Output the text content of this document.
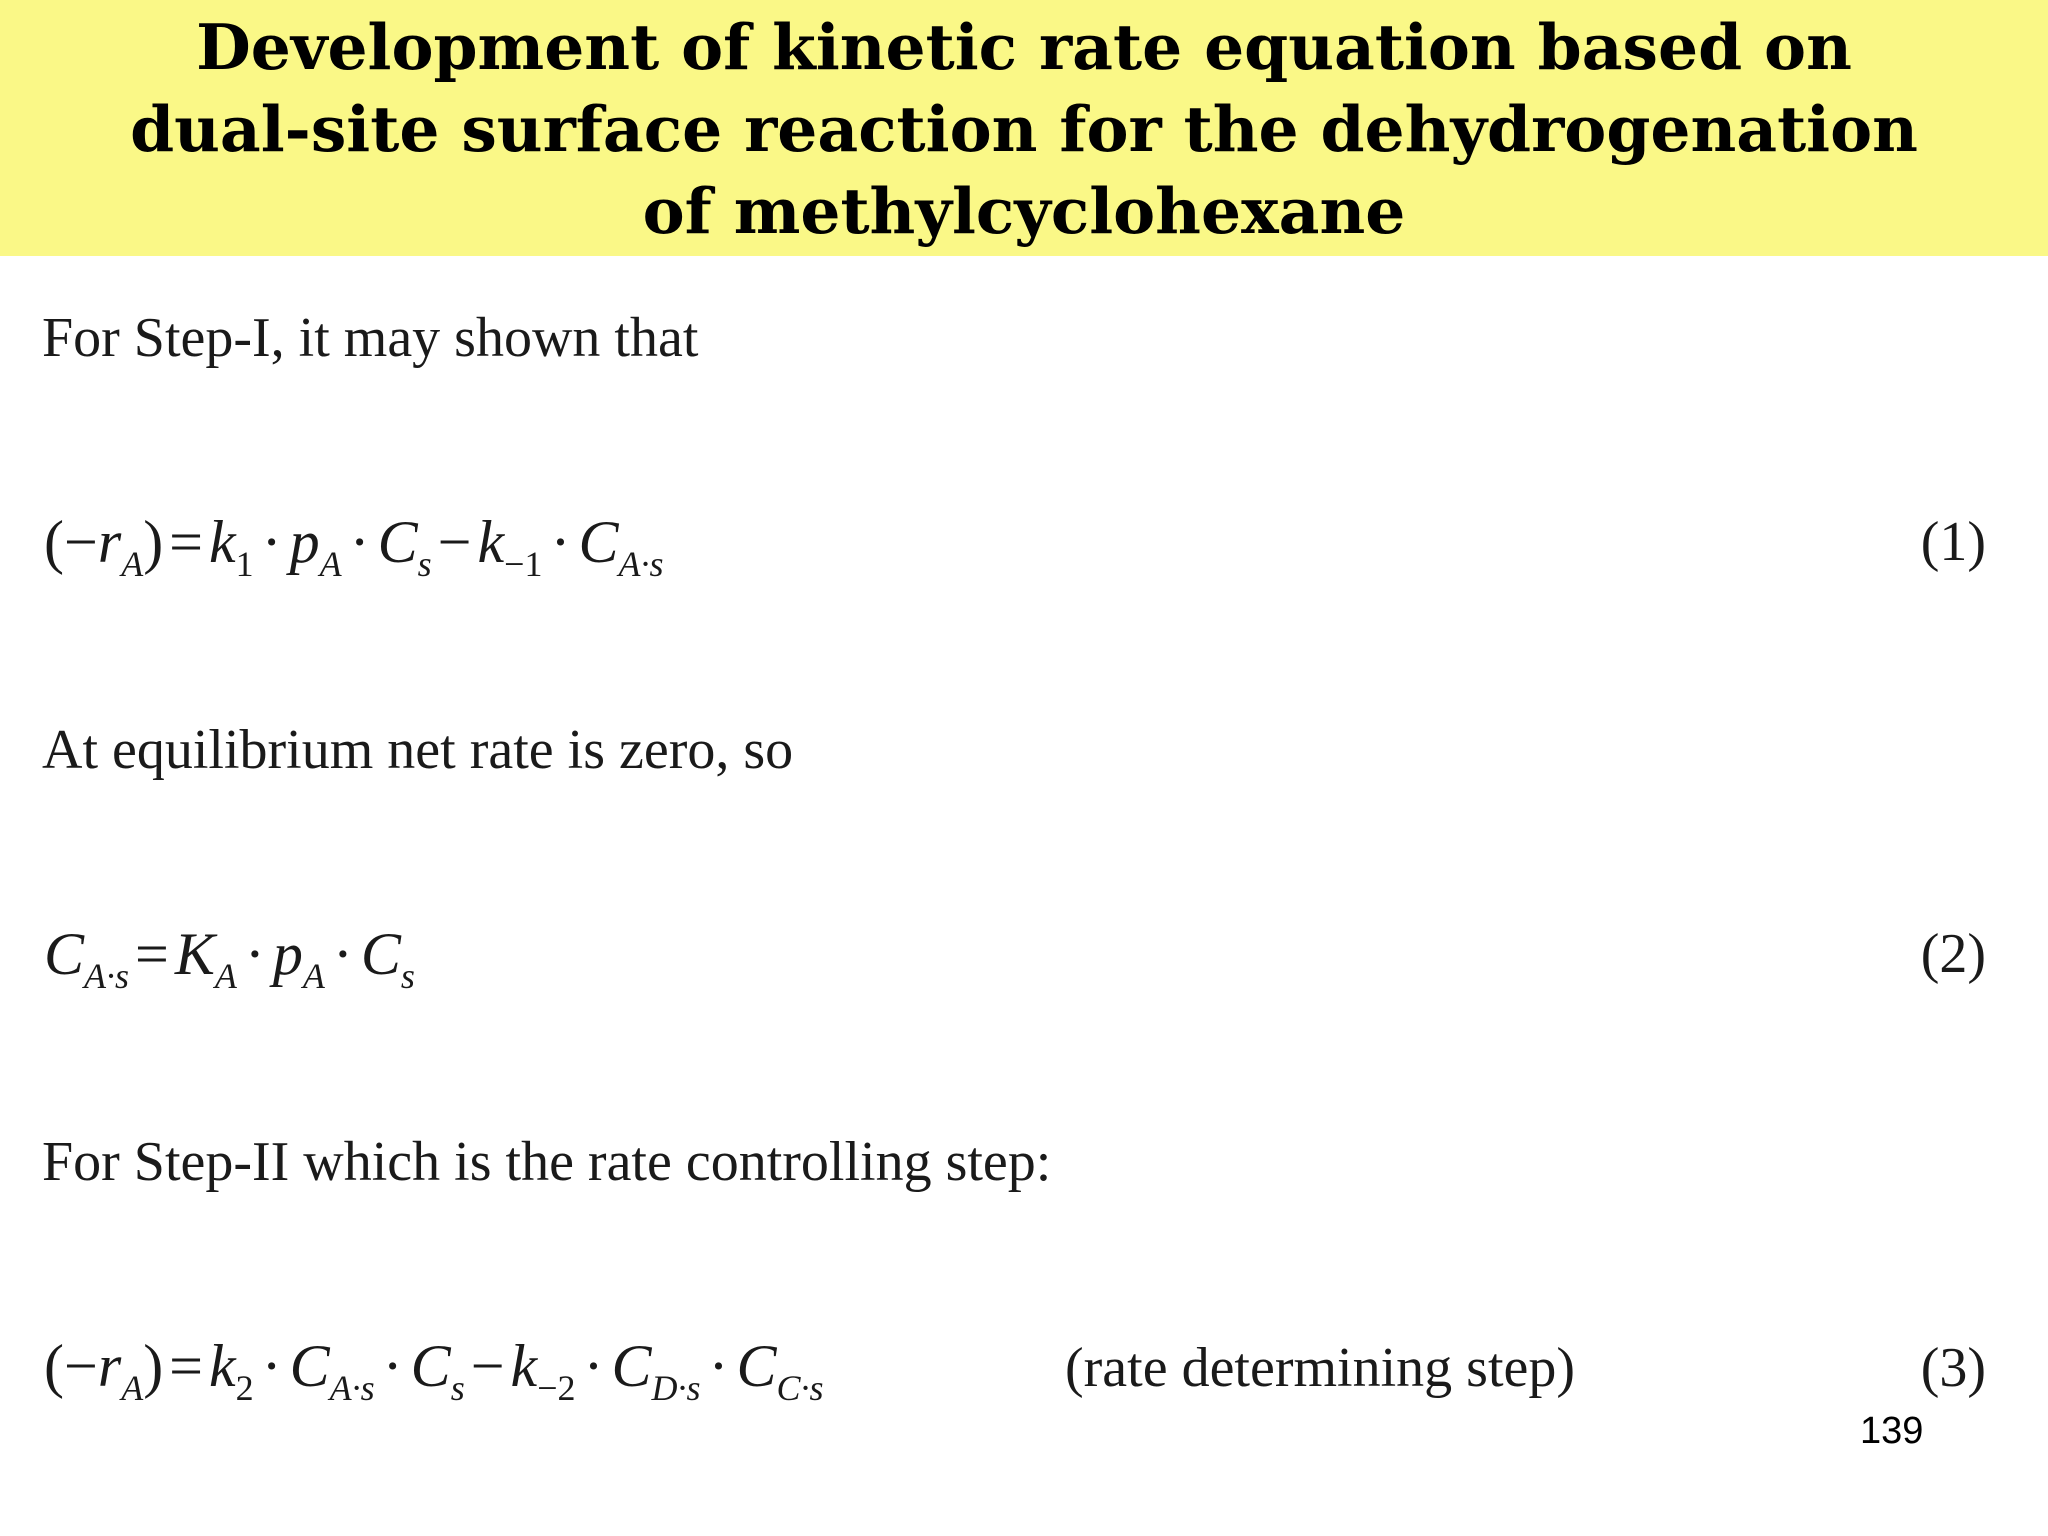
Development of kinetic rate equation based on
dual-site surface reaction for the dehydrogenation
of methylcyclohexane
For Step-I, it may shown that
$(-r_A) = k_1 \cdot p_A \cdot C_s - k_{-1} \cdot C_{A\cdot s}$	(1)
At equilibrium net rate is zero, so
$C_{A\cdot s} = K_A \cdot p_A \cdot C_s$	(2)
For Step-II which is the rate controlling step:
$(-r_A) = k_2 \cdot C_{A\cdot s} \cdot C_s - k_{-2} \cdot C_{D\cdot s} \cdot C_{C\cdot s}$	(rate determining step)	(3)
139
